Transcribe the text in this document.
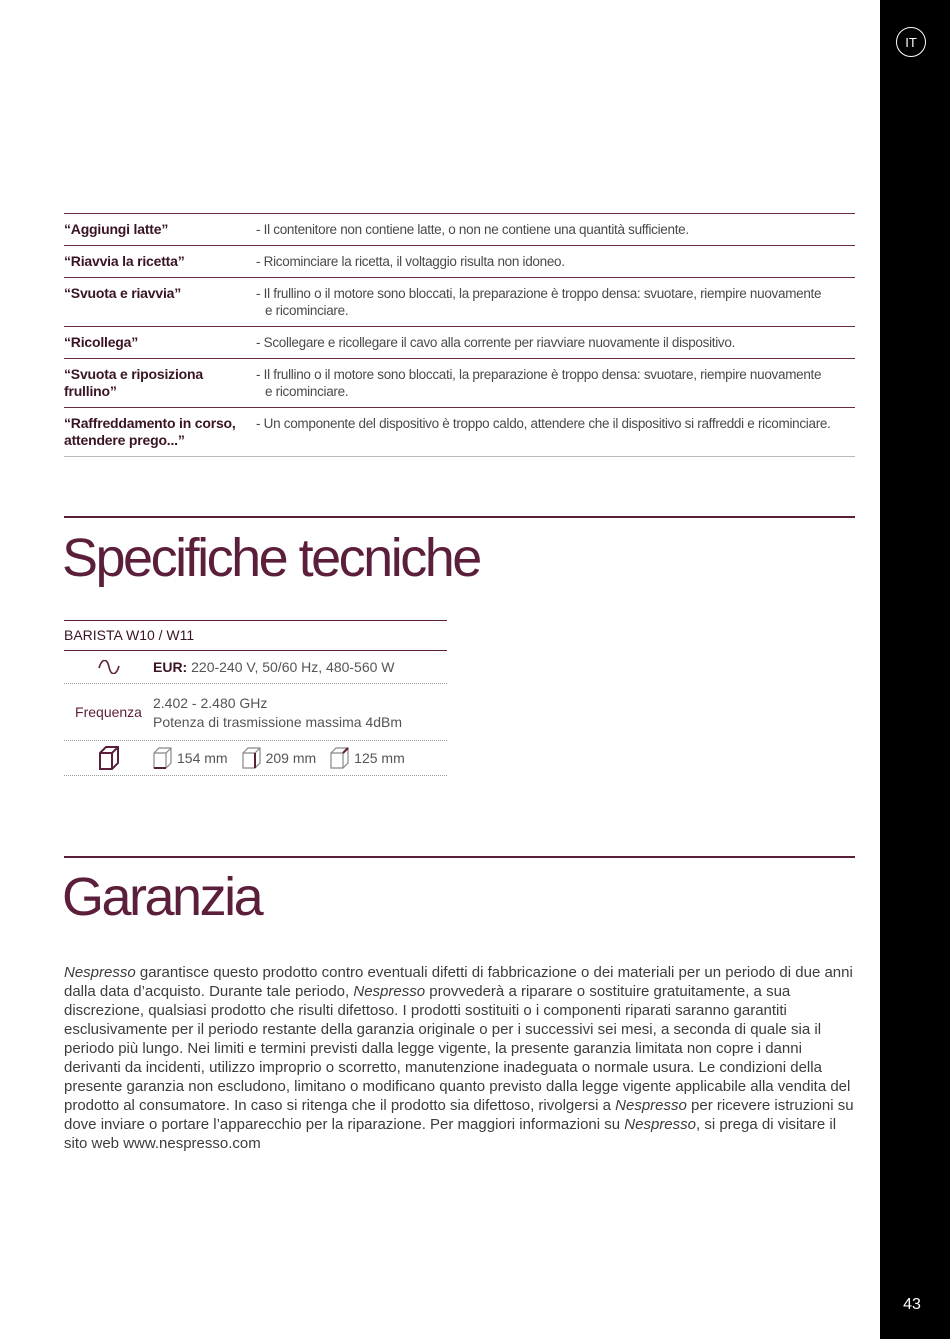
IT
43
“Aggiungi latte”	- Il contenitore non contiene latte, o non ne contiene una quantità sufficiente.
“Riavvia la ricetta”	- Ricominciare la ricetta, il voltaggio risulta non idoneo.
“Svuota e riavvia”	- Il frullino o il motore sono bloccati, la preparazione è troppo densa: svuotare, riempire nuovamente
e ricominciare.
“Ricollega”	- Scollegare e ricollegare il cavo alla corrente per riavviare nuovamente il dispositivo.
“Svuota e riposiziona frullino”
- Il frullino o il motore sono bloccati, la preparazione è troppo densa: svuotare, riempire nuovamente
e ricominciare.
“Raffreddamento in corso, attendere prego...”
- Un componente del dispositivo è troppo caldo, attendere che il dispositivo si raffreddi e ricominciare.
Specifiche tecniche
BARISTA W10 / W11
EUR: 220-240 V, 50/60 Hz, 480-560 W
Frequenza
2.402 - 2.480 GHz
Potenza di trasmissione massima 4dBm
154 mm	209 mm	125 mm
Garanzia

Nespresso garantisce questo prodotto contro eventuali difetti di fabbricazione o dei materiali per un periodo di due anni dalla data d’acquisto. Durante tale periodo, Nespresso provvederà a riparare o sostituire gratuitamente, a sua discrezione, qualsiasi prodotto che risulti difettoso. I prodotti sostituiti o i componenti riparati saranno garantiti esclusivamente per il periodo restante della garanzia originale o per i successivi sei mesi, a seconda di quale sia il periodo più lungo. Nei limiti e termini previsti dalla legge vigente, la presente garanzia limitata non copre i danni derivanti da incidenti, utilizzo improprio o scorretto, manutenzione inadeguata o normale usura. Le condizioni della presente garanzia non escludono, limitano o modificano quanto previsto dalla legge vigente applicabile alla vendita del prodotto al consumatore. In caso si ritenga che il prodotto sia difettoso, rivolgersi a Nespresso per ricevere istruzioni su dove inviare o portare l’apparecchio per la riparazione. Per maggiori informazioni su Nespresso, si prega di visitare il sito web www.nespresso.com
